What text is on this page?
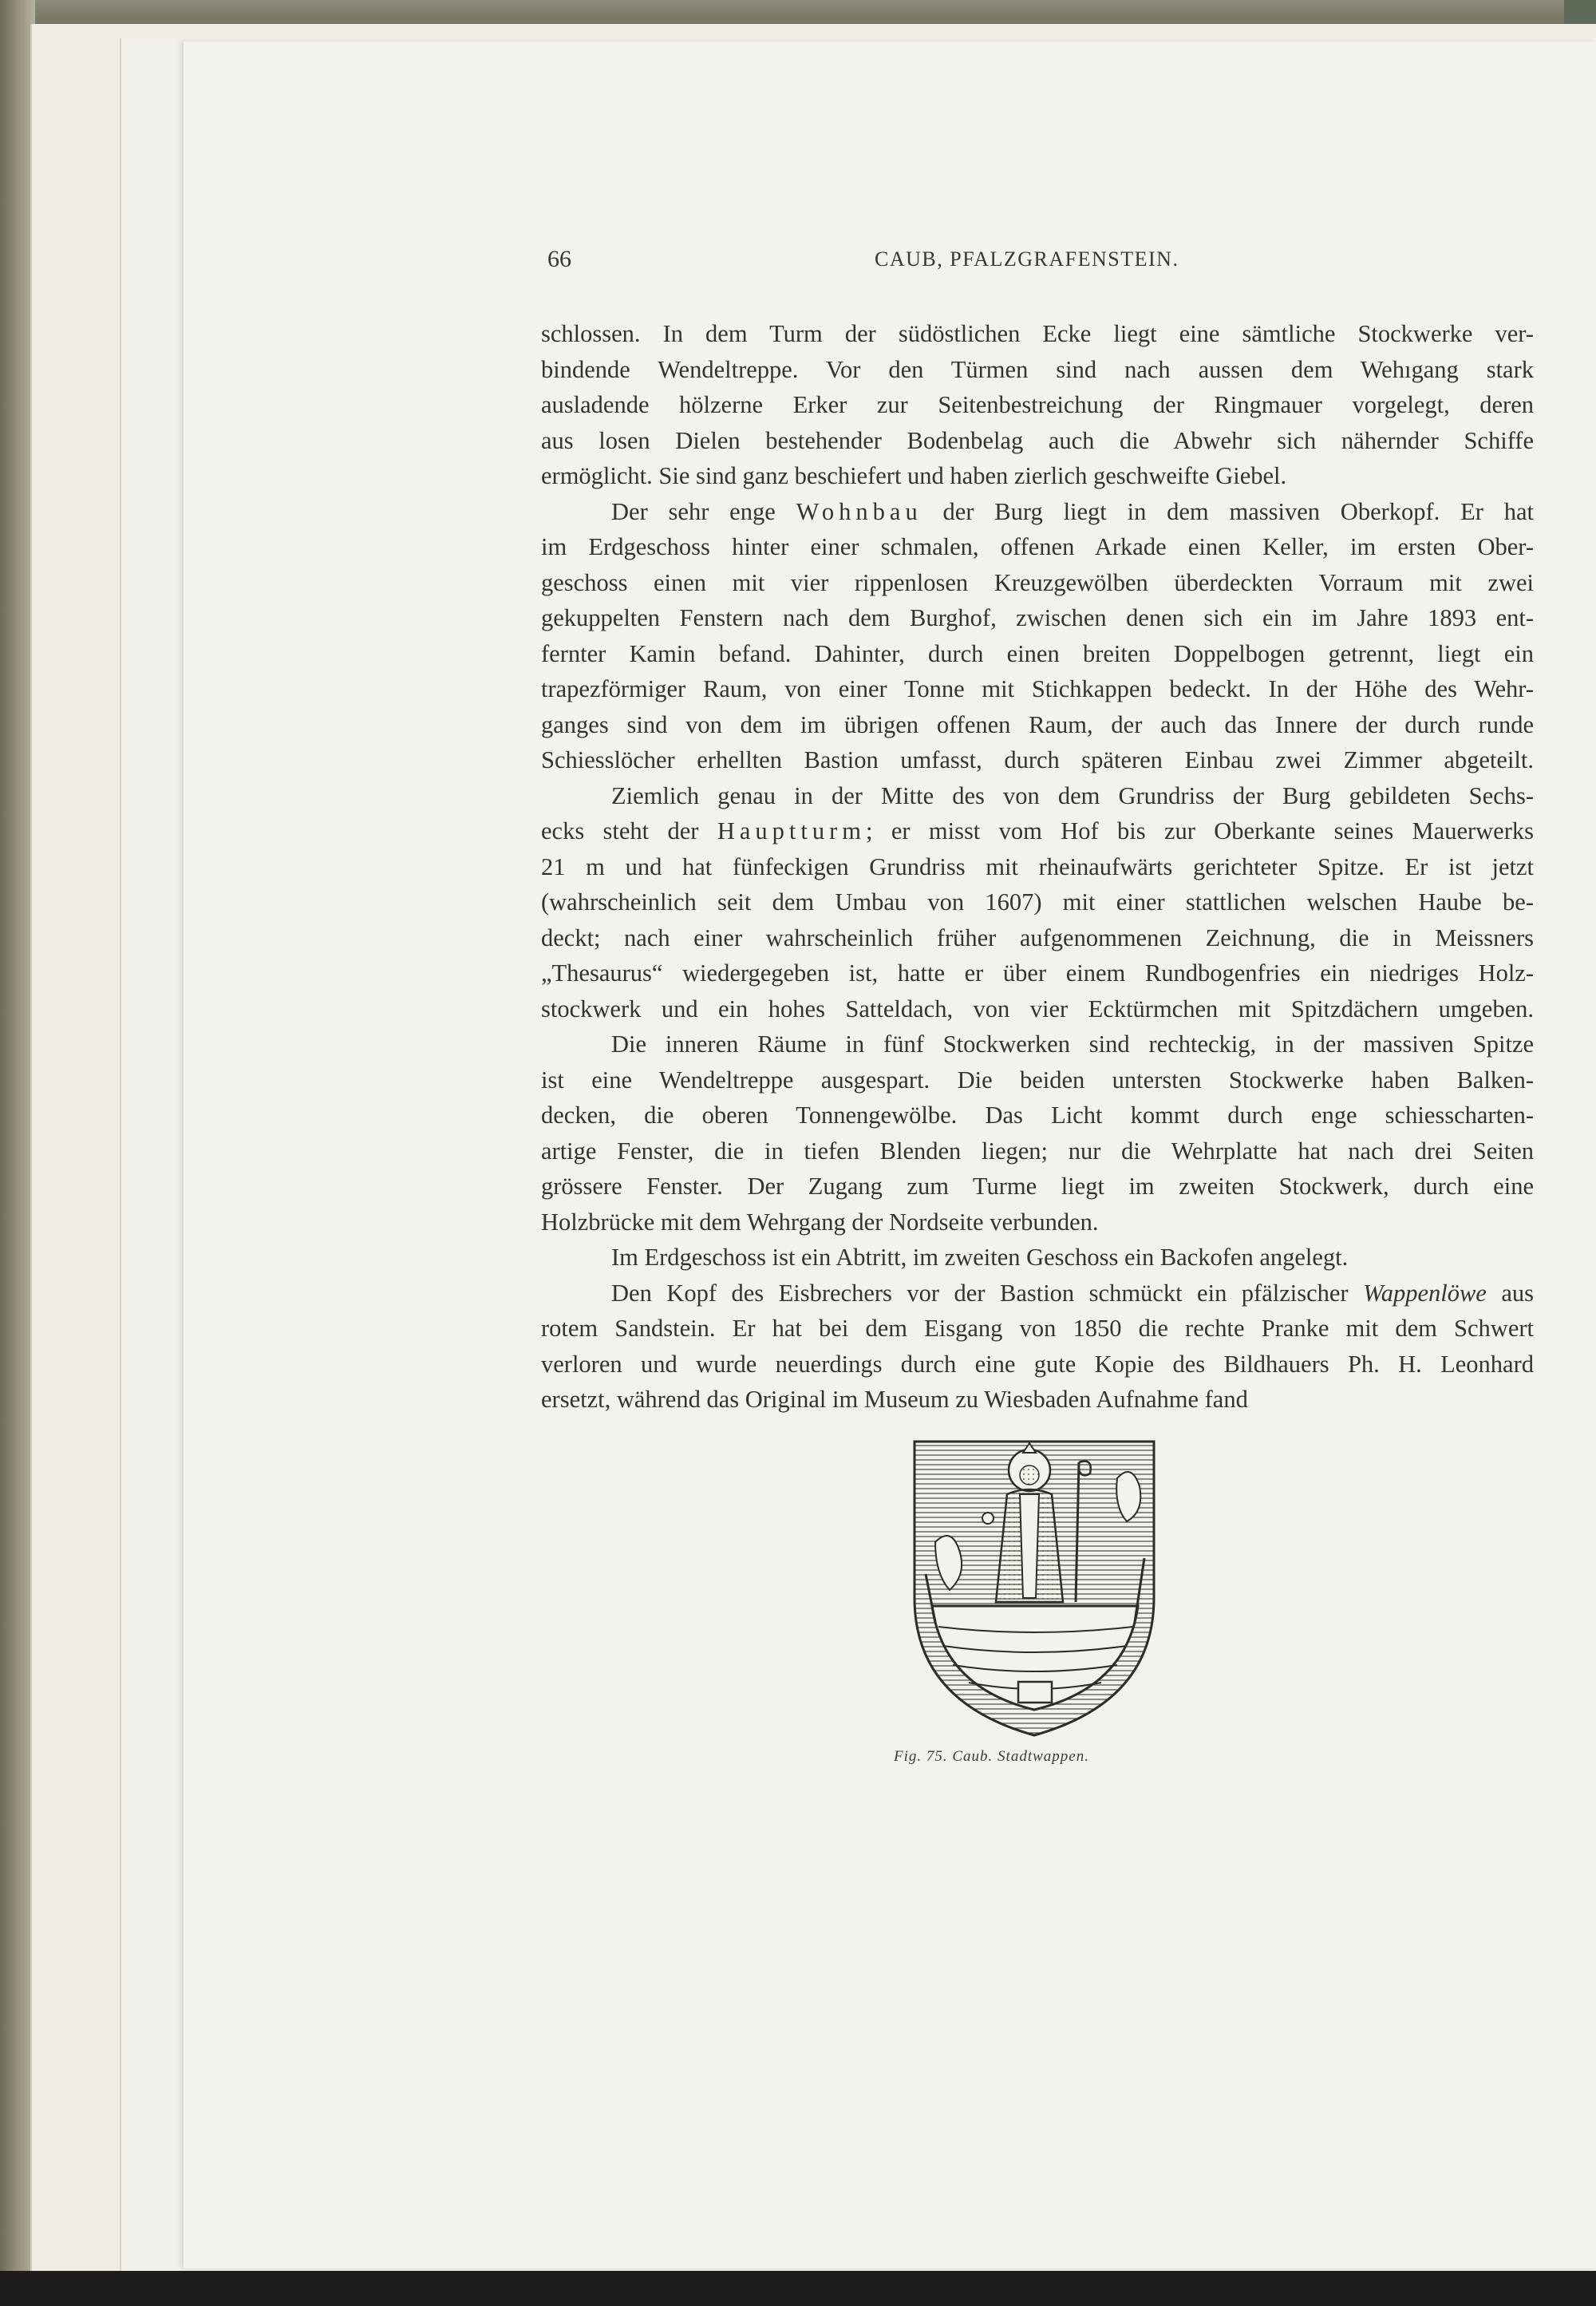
66	CAUB, PFALZGRAFENSTEIN.
schlossen. In dem Turm der südöstlichen Ecke liegt eine sämtliche Stockwerke ver-
bindende Wendeltreppe. Vor den Türmen sind nach aussen dem Wehıgang stark
ausladende hölzerne Erker zur Seitenbestreichung der Ringmauer vorgelegt, deren
aus losen Dielen bestehender Bodenbelag auch die Abwehr sich nähernder Schiffe
ermöglicht. Sie sind ganz beschiefert und haben zierlich geschweifte Giebel.
Der sehr enge Wohnbau der Burg liegt in dem massiven Oberkopf. Er hat
im Erdgeschoss hinter einer schmalen, offenen Arkade einen Keller, im ersten Ober-
geschoss einen mit vier rippenlosen Kreuzgewölben überdeckten Vorraum mit zwei
gekuppelten Fenstern nach dem Burghof, zwischen denen sich ein im Jahre 1893 ent-
fernter Kamin befand. Dahinter, durch einen breiten Doppelbogen getrennt, liegt ein
trapezförmiger Raum, von einer Tonne mit Stichkappen bedeckt. In der Höhe des Wehr-
ganges sind von dem im übrigen offenen Raum, der auch das Innere der durch runde
Schiesslöcher erhellten Bastion umfasst, durch späteren Einbau zwei Zimmer abgeteilt.
Ziemlich genau in der Mitte des von dem Grundriss der Burg gebildeten Sechs-
ecks steht der Hauptturm; er misst vom Hof bis zur Oberkante seines Mauerwerks
21 m und hat fünfeckigen Grundriss mit rheinaufwärts gerichteter Spitze. Er ist jetzt
(wahrscheinlich seit dem Umbau von 1607) mit einer stattlichen welschen Haube be-
deckt; nach einer wahrscheinlich früher aufgenommenen Zeichnung, die in Meissners
„Thesaurus“ wiedergegeben ist, hatte er über einem Rundbogenfries ein niedriges Holz-
stockwerk und ein hohes Satteldach, von vier Ecktürmchen mit Spitzdächern umgeben.
Die inneren Räume in fünf Stockwerken sind rechteckig, in der massiven Spitze
ist eine Wendeltreppe ausgespart. Die beiden untersten Stockwerke haben Balken-
decken, die oberen Tonnengewölbe. Das Licht kommt durch enge schiesscharten-
artige Fenster, die in tiefen Blenden liegen; nur die Wehrplatte hat nach drei Seiten
grössere Fenster. Der Zugang zum Turme liegt im zweiten Stockwerk, durch eine
Holzbrücke mit dem Wehrgang der Nordseite verbunden.
Im Erdgeschoss ist ein Abtritt, im zweiten Geschoss ein Backofen angelegt.
Den Kopf des Eisbrechers vor der Bastion schmückt ein pfälzischer Wappenlöwe aus
rotem Sandstein. Er hat bei dem Eisgang von 1850 die rechte Pranke mit dem Schwert
verloren und wurde neuerdings durch eine gute Kopie des Bildhauers Ph. H. Leonhard
ersetzt, während das Original im Museum zu Wiesbaden Aufnahme fand
Fig. 75. Caub. Stadtwappen.
